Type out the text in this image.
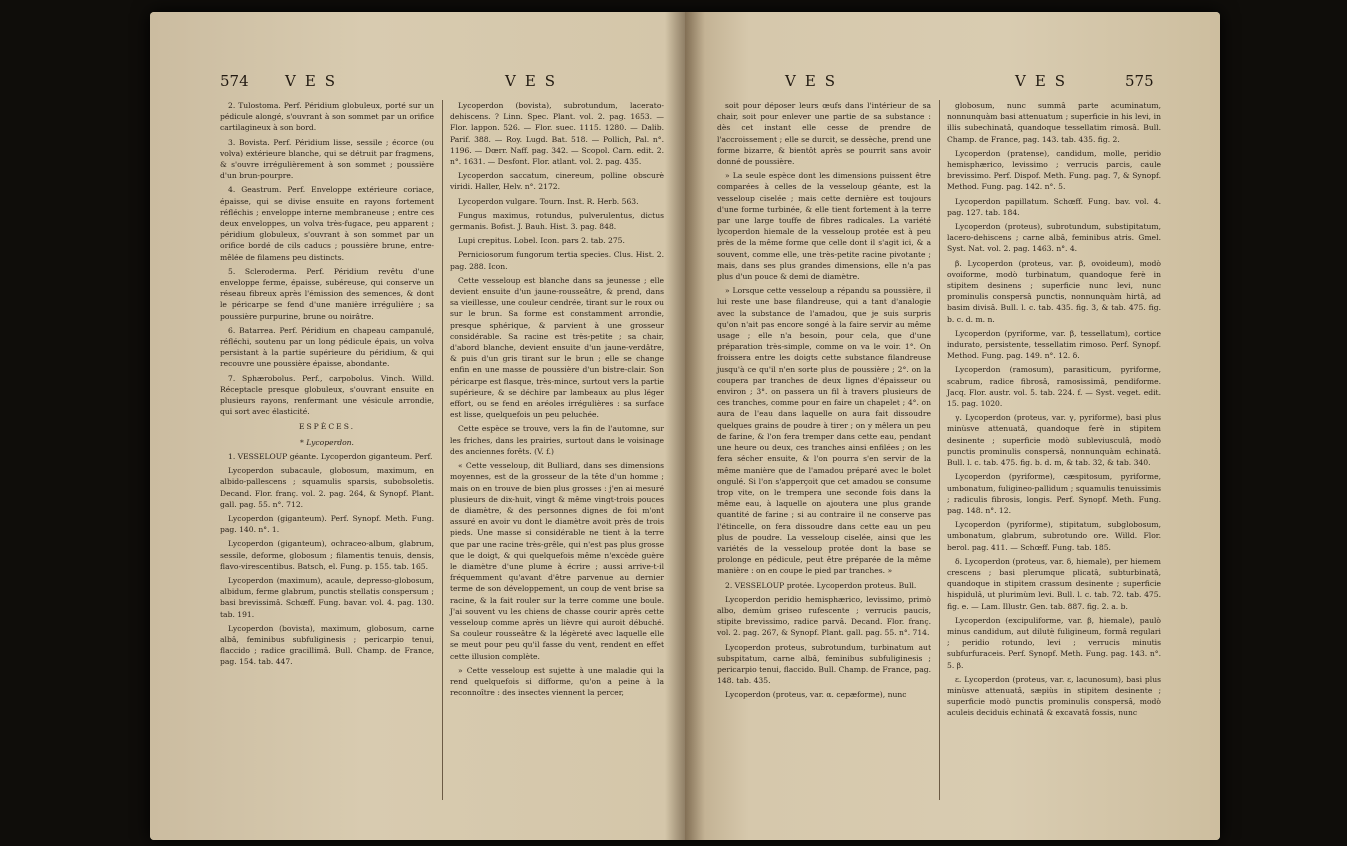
574 VES	VES

2. Tulostoma. Perf. Péridium globuleux, porté sur un pédicule alongé, s'ouvrant à son sommet par un orifice cartilagineux à son bord.

3. Bovista. Perf. Péridium lisse, sessile ; écorce (ou volva) extérieure blanche, qui se détruit par fragmens, & s'ouvre irrégulièrement à son sommet ; poussière d'un brun-pourpre.

4. Geastrum. Perf. Enveloppe extérieure coriace, épaisse, qui se divise ensuite en rayons fortement réfléchis ; enveloppe interne membraneuse ; entre ces deux enveloppes, un volva très-fugace, peu apparent ; péridium globuleux, s'ouvrant à son sommet par un orifice bordé de cils caducs ; poussière brune, entre-mêlée de filamens peu distincts.

5. Scleroderma. Perf. Péridium revêtu d'une enveloppe ferme, épaisse, subéreuse, qui conserve un réseau fibreux après l'émission des semences, & dont le péricarpe se fend d'une manière irrégulière ; sa poussière purpurine, brune ou noirâtre.

6. Batarrea. Perf. Péridium en chapeau campanulé, réfléchi, soutenu par un long pédicule épais, un volva persistant à la partie supérieure du péridium, & qui recouvre une poussière épaisse, abondante.

7. Sphærobolus. Perf., carpobolus. Vinch. Willd. Réceptacle presque globuleux, s'ouvrant ensuite en plusieurs rayons, renfermant une vésicule arrondie, qui sort avec élasticité.

ESPÈCES.

* Lycoperdon.

1. VESSELOUP géante. Lycoperdon giganteum. Perf.

Lycoperdon subacaule, globosum, maximum, en albido-pallescens ; squamulis sparsis, subobsoletis. Decand. Flor. franç. vol. 2. pag. 264, & Synopf. Plant. gall. pag. 55. n°. 712.

Lycoperdon (giganteum). Perf. Synopf. Meth. Fung. pag. 140. n°. 1.

Lycoperdon (giganteum), ochraceo-album, glabrum, sessile, deforme, globosum ; filamentis tenuis, densis, flavo-virescentibus. Batsch, el. Fung. p. 155. tab. 165.

Lycoperdon (maximum), acaule, depresso-globosum, albidum, ferme glabrum, punctis stellatis conspersum ; basi brevissimâ. Schœff. Fung. bavar. vol. 4. pag. 130. tab. 191.

Lycoperdon (bovista), maximum, globosum, carne albâ, feminibus subfuliginesis ; pericarpio tenui, flaccido ; radice gracillimâ. Bull. Champ. de France, pag. 154. tab. 447.

Lycoperdon (bovista), subrotundum, lacerato-dehiscens. ? Linn. Spec. Plant. vol. 2. pag. 1653. — Flor. lappon. 526. — Flor. suec. 1115. 1280. — Dalib. Parif. 388. — Roy. Lugd. Bat. 518. — Pollich, Pal. n°. 1196. — Dœrr. Naff. pag. 342. — Scopol. Carn. edit. 2. n°. 1631. — Desfont. Flor. atlant. vol. 2. pag. 435.

Lycoperdon saccatum, cinereum, polline obscurè viridi. Haller, Helv. n°. 2172.

Lycoperdon vulgare. Tourn. Inst. R. Herb. 563.

Fungus maximus, rotundus, pulverulentus, dictus germanis. Bofist. J. Bauh. Hist. 3. pag. 848.

Lupi crepitus. Lobel. Icon. pars 2. tab. 275.

Perniciosorum fungorum tertia species. Clus. Hist. 2. pag. 288. Icon.

Cette vesseloup est blanche dans sa jeunesse ; elle devient ensuite d'un jaune-rousseâtre, & prend, dans sa vieillesse, une couleur cendrée, tirant sur le roux ou sur le brun. Sa forme est constamment arrondie, presque sphérique, & parvient à une grosseur considérable. Sa racine est très-petite ; sa chair, d'abord blanche, devient ensuite d'un jaune-verdâtre, & puis d'un gris tirant sur le brun ; elle se change enfin en une masse de poussière d'un bistre-clair. Son péricarpe est flasque, très-mince, surtout vers la partie supérieure, & se déchire par lambeaux au plus léger effort, ou se fend en aréoles irrégulières : sa surface est lisse, quelquefois un peu peluchée.

Cette espèce se trouve, vers la fin de l'automne, sur les friches, dans les prairies, surtout dans le voisinage des anciennes forêts. (V. f.)

« Cette vesseloup, dit Bulliard, dans ses dimensions moyennes, est de la grosseur de la tête d'un homme ; mais on en trouve de bien plus grosses : j'en ai mesuré plusieurs de dix-huit, vingt & même vingt-trois pouces de diamètre, & des personnes dignes de foi m'ont assuré en avoir vu dont le diamètre avoit près de trois pieds. Une masse si considérable ne tient à la terre que par une racine très-grêle, qui n'est pas plus grosse que le doigt, & qui quelquefois même n'excède guère le diamètre d'une plume à écrire ; aussi arrive-t-il fréquemment qu'avant d'être parvenue au dernier terme de son développement, un coup de vent brise sa racine, & la fait rouler sur la terre comme une boule. J'ai souvent vu les chiens de chasse courir après cette vesseloup comme après un lièvre qui auroit débuché. Sa couleur rousseâtre & la légèreté avec laquelle elle se meut pour peu qu'il fasse du vent, rendent en effet cette illusion complète.

» Cette vesseloup est sujette à une maladie qui la rend quelquefois si difforme, qu'on a peine à la reconnoître : des insectes viennent la percer,

VES	VES	575

soit pour déposer leurs œufs dans l'intérieur de sa chair, soit pour enlever une partie de sa substance : dès cet instant elle cesse de prendre de l'accroissement ; elle se durcit, se dessèche, prend une forme bizarre, & bientôt après se pourrit sans avoir donné de poussière.

» La seule espèce dont les dimensions puissent être comparées à celles de la vesseloup géante, est la vesseloup ciselée ; mais cette dernière est toujours d'une forme turbinée, & elle tient fortement à la terre par une large touffe de fibres radicales. La variété lycoperdon hiemale de la vesseloup protée est à peu près de la même forme que celle dont il s'agit ici, & a souvent, comme elle, une très-petite racine pivotante ; mais, dans ses plus grandes dimensions, elle n'a pas plus d'un pouce & demi de diamètre.

» Lorsque cette vesseloup a répandu sa poussière, il lui reste une base filandreuse, qui a tant d'analogie avec la substance de l'amadou, que je suis surpris qu'on n'ait pas encore songé à la faire servir au même usage ; elle n'a besoin, pour cela, que d'une préparation très-simple, comme on va le voir. 1°. On froissera entre les doigts cette substance filandreuse jusqu'à ce qu'il n'en sorte plus de poussière ; 2°. on la coupera par tranches de deux lignes d'épaisseur ou environ ; 3°. on passera un fil à travers plusieurs de ces tranches, comme pour en faire un chapelet ; 4°. on aura de l'eau dans laquelle on aura fait dissoudre quelques grains de poudre à tirer ; on y mêlera un peu de farine, & l'on fera tremper dans cette eau, pendant une heure ou deux, ces tranches ainsi enfilées ; on les fera sécher ensuite, & l'on pourra s'en servir de la même manière que de l'amadou préparé avec le bolet ongulé. Si l'on s'apperçoit que cet amadou se consume trop vite, on le trempera une seconde fois dans la même eau, à laquelle on ajoutera une plus grande quantité de farine ; si au contraire il ne conserve pas l'étincelle, on fera dissoudre dans cette eau un peu plus de poudre. La vesseloup ciselée, ainsi que les variétés de la vesseloup protée dont la base se prolonge en pédicule, peut être préparée de la même manière : on en coupe le pied par tranches. »

2. VESSELOUP protée. Lycoperdon proteus. Bull.

Lycoperdon peridio hemisphærico, levissimo, primò albo, demùm griseo rufescente ; verrucis paucis, stipite brevissimo, radice parvâ. Decand. Flor. franç. vol. 2. pag. 267, & Synopf. Plant. gall. pag. 55. n°. 714.

Lycoperdon proteus, subrotundum, turbinatum aut subspitatum, carne albâ, feminibus subfuliginesis ; pericarpio tenui, flaccido. Bull. Champ. de France, pag. 148. tab. 435.

Lycoperdon (proteus, var. α. cepæforme), nunc

globosum, nunc summâ parte acuminatum, nonnunquàm basi attenuatum ; superficie in his levi, in illis subechinatâ, quandoque tessellatim rimosâ. Bull. Champ. de France, pag. 143. tab. 435. fig. 2.

Lycoperdon (pratense), candidum, molle, peridio hemisphærico, levissimo ; verrucis parcis, caule brevissimo. Perf. Dispof. Meth. Fung. pag. 7, & Synopf. Method. Fung. pag. 142. n°. 5.

Lycoperdon papillatum. Schœff. Fung. bav. vol. 4. pag. 127. tab. 184.

Lycoperdon (proteus), subrotundum, substipitatum, lacero-dehiscens ; carne albâ, feminibus atris. Gmel. Syst. Nat. vol. 2. pag. 1463. n°. 4.

β. Lycoperdon (proteus, var. β, ovoideum), modò ovoiforme, modò turbinatum, quandoque ferè in stipitem desinens ; superficie nunc levi, nunc prominulis conspersâ punctis, nonnunquàm hirtâ, ad basim divisâ. Bull. l. c. tab. 435. fig. 3, & tab. 475. fig. b. c. d. m. n.

Lycoperdon (pyriforme, var. β, tessellatum), cortice indurato, persistente, tessellatim rimoso. Perf. Synopf. Method. Fung. pag. 149. n°. 12. δ.

Lycoperdon (ramosum), parasiticum, pyriforme, scabrum, radice fibrosâ, ramosissimâ, pendiforme. Jacq. Flor. austr. vol. 5. tab. 224. f. — Syst. veget. edit. 15. pag. 1020.

γ. Lycoperdon (proteus, var. γ, pyriforme), basi plus minùsve attenuatâ, quandoque ferè in stipitem desinente ; superficie modò subleviusculâ, modò punctis prominulis conspersâ, nonnunquàm echinatâ. Bull. l. c. tab. 475. fig. b. d. m, & tab. 32, & tab. 340.

Lycoperdon (pyriforme), cæspitosum, pyriforme, umbonatum, fuligineo-pallidum ; squamulis tenuissimis ; radiculis fibrosis, longis. Perf. Synopf. Meth. Fung. pag. 148. n°. 12.

Lycoperdon (pyriforme), stipitatum, subglobosum, umbonatum, glabrum, subrotundo ore. Willd. Flor. berol. pag. 411. — Schœff. Fung. tab. 185.

δ. Lycoperdon (proteus, var. δ, hiemale), per hiemem crescens ; basi plerumque plicatâ, subturbinatâ, quandoque in stipitem crassum desinente ; superficie hispidulâ, ut plurimùm levi. Bull. l. c. tab. 72. tab. 475. fig. e. — Lam. Illustr. Gen. tab. 887. fig. 2. a. b.

Lycoperdon (excipuliforme, var. β, hiemale), paulò minus candidum, aut dilutè fuligineum, formâ regulari ; peridio rotundo, levi ; verrucis minutis subfurfuraceis. Perf. Synopf. Meth. Fung. pag. 143. n°. 5. β.

ε. Lycoperdon (proteus, var. ε, lacunosum), basi plus minùsve attenuatâ, sæpiùs in stipitem desinente ; superficie modò punctis prominulis conspersâ, modò aculeis deciduis echinatâ & excavatâ fossis, nunc
